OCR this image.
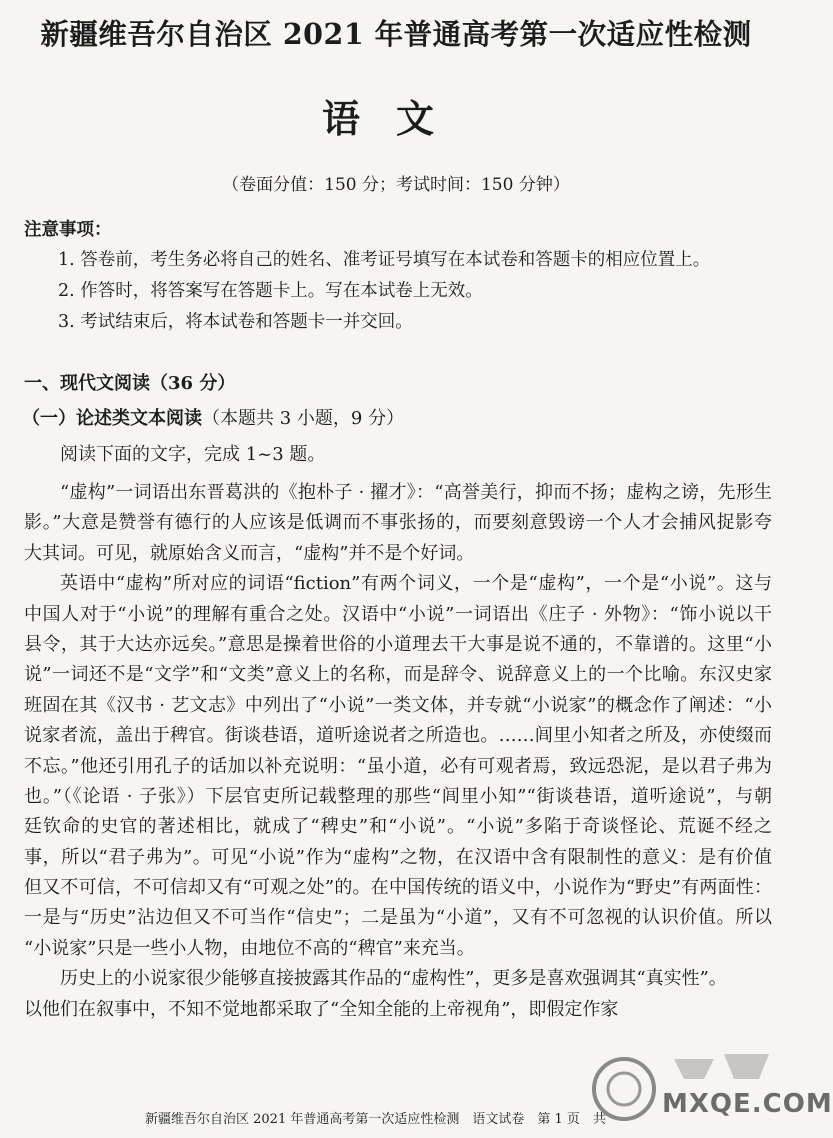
新疆维吾尔自治区 2021 年普通高考第一次适应性检测
语文
（卷面分值：150 分；考试时间：150 分钟）
注意事项：
1. 答卷前，考生务必将自己的姓名、准考证号填写在本试卷和答题卡的相应位置上。
2. 作答时，将答案写在答题卡上。写在本试卷上无效。
3. 考试结束后，将本试卷和答题卡一并交回。
一、现代文阅读（36 分）
（一）论述类文本阅读（本题共 3 小题，9 分）
阅读下面的文字，完成 1~3 题。
“虚构”一词语出东晋葛洪的《抱朴子 · 擢才》：“高誉美行，抑而不扬；虚构之谤，先形生
影。”大意是赞誉有德行的人应该是低调而不事张扬的，而要刻意毁谤一个人才会捕风捉影夸
大其词。可见，就原始含义而言，“虚构”并不是个好词。
英语中“虚构”所对应的词语“fiction”有两个词义，一个是“虚构”，一个是“小说”。这与
中国人对于“小说”的理解有重合之处。汉语中“小说”一词语出《庄子 · 外物》：“饰小说以干
县令，其于大达亦远矣。”意思是操着世俗的小道理去干大事是说不通的，不靠谱的。这里“小
说”一词还不是“文学”和“文类”意义上的名称，而是辞令、说辞意义上的一个比喻。东汉史家
班固在其《汉书 · 艺文志》中列出了“小说”一类文体，并专就“小说家”的概念作了阐述：“小
说家者流，盖出于稗官。街谈巷语，道听途说者之所造也。……闾里小知者之所及，亦使缀而
不忘。”他还引用孔子的话加以补充说明：“虽小道，必有可观者焉，致远恐泥，是以君子弗为
也。”（《论语 · 子张》）下层官吏所记载整理的那些“闾里小知”“街谈巷语，道听途说”，与朝
廷钦命的史官的著述相比，就成了“稗史”和“小说”。“小说”多陷于奇谈怪论、荒诞不经之
事，所以“君子弗为”。可见“小说”作为“虚构”之物，在汉语中含有限制性的意义：是有价值
但又不可信，不可信却又有“可观之处”的。在中国传统的语义中，小说作为“野史”有两面性：
一是与“历史”沾边但又不可当作“信史”；二是虽为“小道”，又有不可忽视的认识价值。所以
“小说家”只是一些小人物，由地位不高的“稗官”来充当。
历史上的小说家很少能够直接披露其作品的“虚构性”，更多是喜欢强调其“真实性”。
以他们在叙事中，不知不觉地都采取了“全知全能的上帝视角”，即假定作家
新疆维吾尔自治区 2021 年普通高考第一次适应性检测　语文试卷　第 1 页　共
MXQE.COM
